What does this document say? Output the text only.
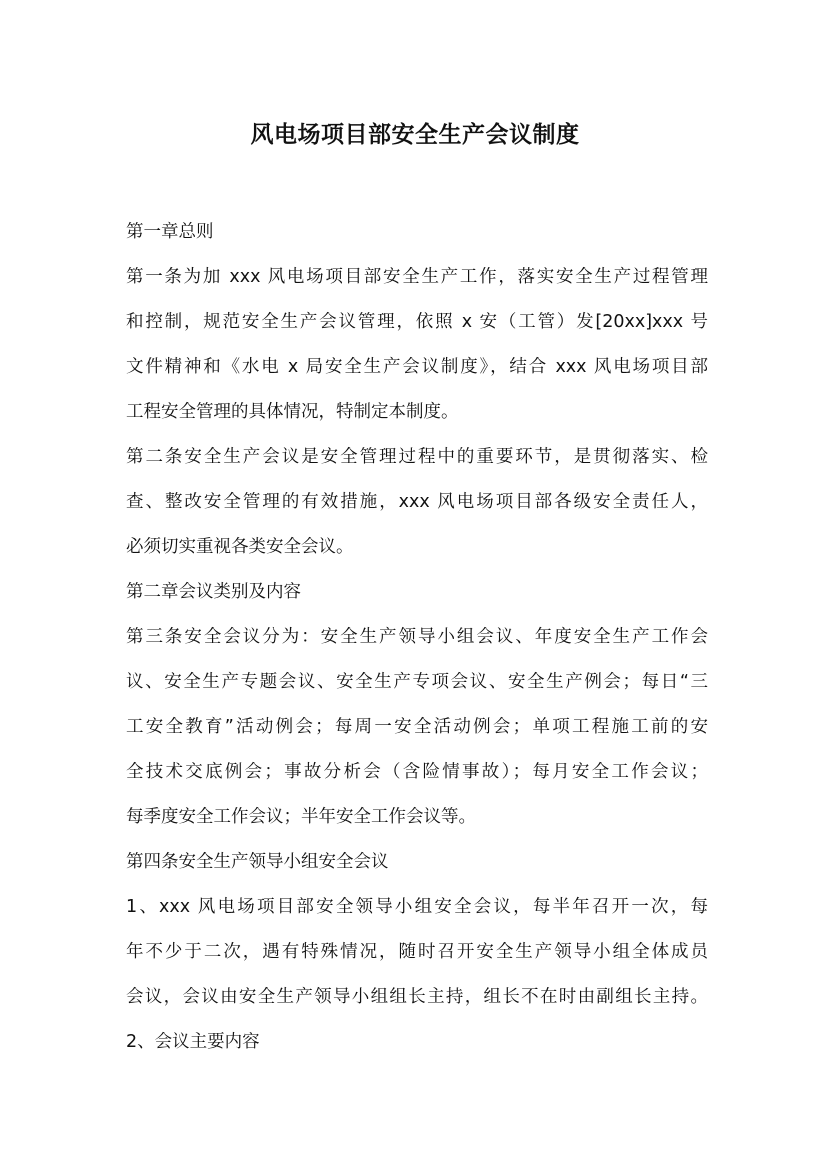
风电场项目部安全生产会议制度
第一章总则
第一条为加 xxx 风电场项目部安全生产工作，落实安全生产过程管理
和控制，规范安全生产会议管理，依照 x 安（工管）发[20xx]xxx 号
文件精神和《水电 x 局安全生产会议制度》，结合 xxx 风电场项目部
工程安全管理的具体情况，特制定本制度。
第二条安全生产会议是安全管理过程中的重要环节，是贯彻落实、检
查、整改安全管理的有效措施，xxx 风电场项目部各级安全责任人，
必须切实重视各类安全会议。
第二章会议类别及内容
第三条安全会议分为：安全生产领导小组会议、年度安全生产工作会
议、安全生产专题会议、安全生产专项会议、安全生产例会；每日“三
工安全教育”活动例会；每周一安全活动例会；单项工程施工前的安
全技术交底例会；事故分析会（含险情事故）；每月安全工作会议；
每季度安全工作会议；半年安全工作会议等。
第四条安全生产领导小组安全会议
1、xxx 风电场项目部安全领导小组安全会议，每半年召开一次，每
年不少于二次，遇有特殊情况，随时召开安全生产领导小组全体成员
会议，会议由安全生产领导小组组长主持，组长不在时由副组长主持。
2、会议主要内容
